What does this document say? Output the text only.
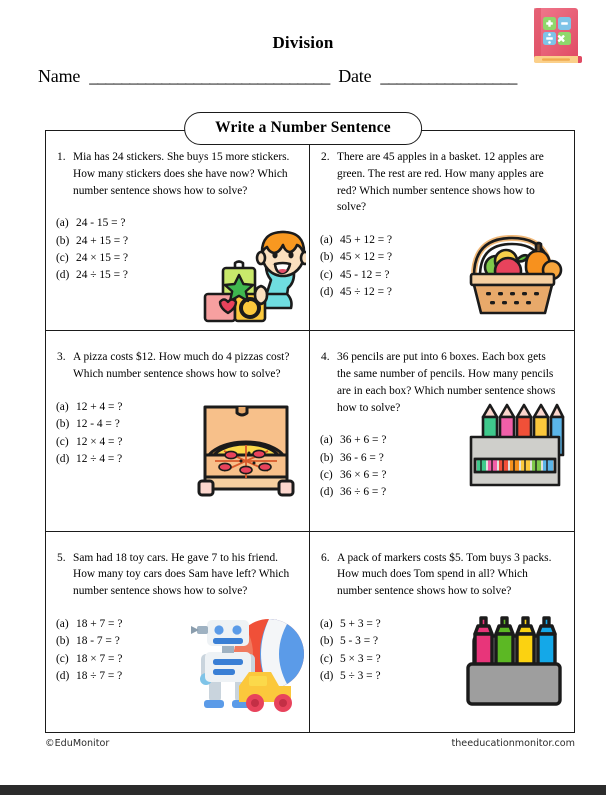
Division
Name ______________________________ Date _________________
Write a Number Sentence
1. Mia has 24 stickers. She buys 15 more stickers. How many stickers does she have now? Which number sentence shows how to solve?
(a) 24 - 15 = ?
(b) 24 + 15 = ?
(c) 24 × 15 = ?
(d) 24 ÷ 15 = ?
2. There are 45 apples in a basket. 12 apples are green. The rest are red. How many apples are red? Which number sentence shows how to solve?
(a) 45 + 12 = ?
(b) 45 × 12 = ?
(c) 45 - 12 = ?
(d) 45 ÷ 12 = ?
3. A pizza costs $12. How much do 4 pizzas cost? Which number sentence shows how to solve?
(a) 12 + 4 = ?
(b) 12 - 4 = ?
(c) 12 × 4 = ?
(d) 12 ÷ 4 = ?
4. 36 pencils are put into 6 boxes. Each box gets the same number of pencils. How many pencils are in each box? Which number sentence shows how to solve?
(a) 36 + 6 = ?
(b) 36 - 6 = ?
(c) 36 × 6 = ?
(d) 36 ÷ 6 = ?
5. Sam had 18 toy cars. He gave 7 to his friend. How many toy cars does Sam have left? Which number sentence shows how to solve?
(a) 18 + 7 = ?
(b) 18 - 7 = ?
(c) 18 × 7 = ?
(d) 18 ÷ 7 = ?
6. A pack of markers costs $5. Tom buys 3 packs. How much does Tom spend in all? Which number sentence shows how to solve?
(a) 5 + 3 = ?
(b) 5 - 3 = ?
(c) 5 × 3 = ?
(d) 5 ÷ 3 = ?
©EduMonitor	theeducationmonitor.com
